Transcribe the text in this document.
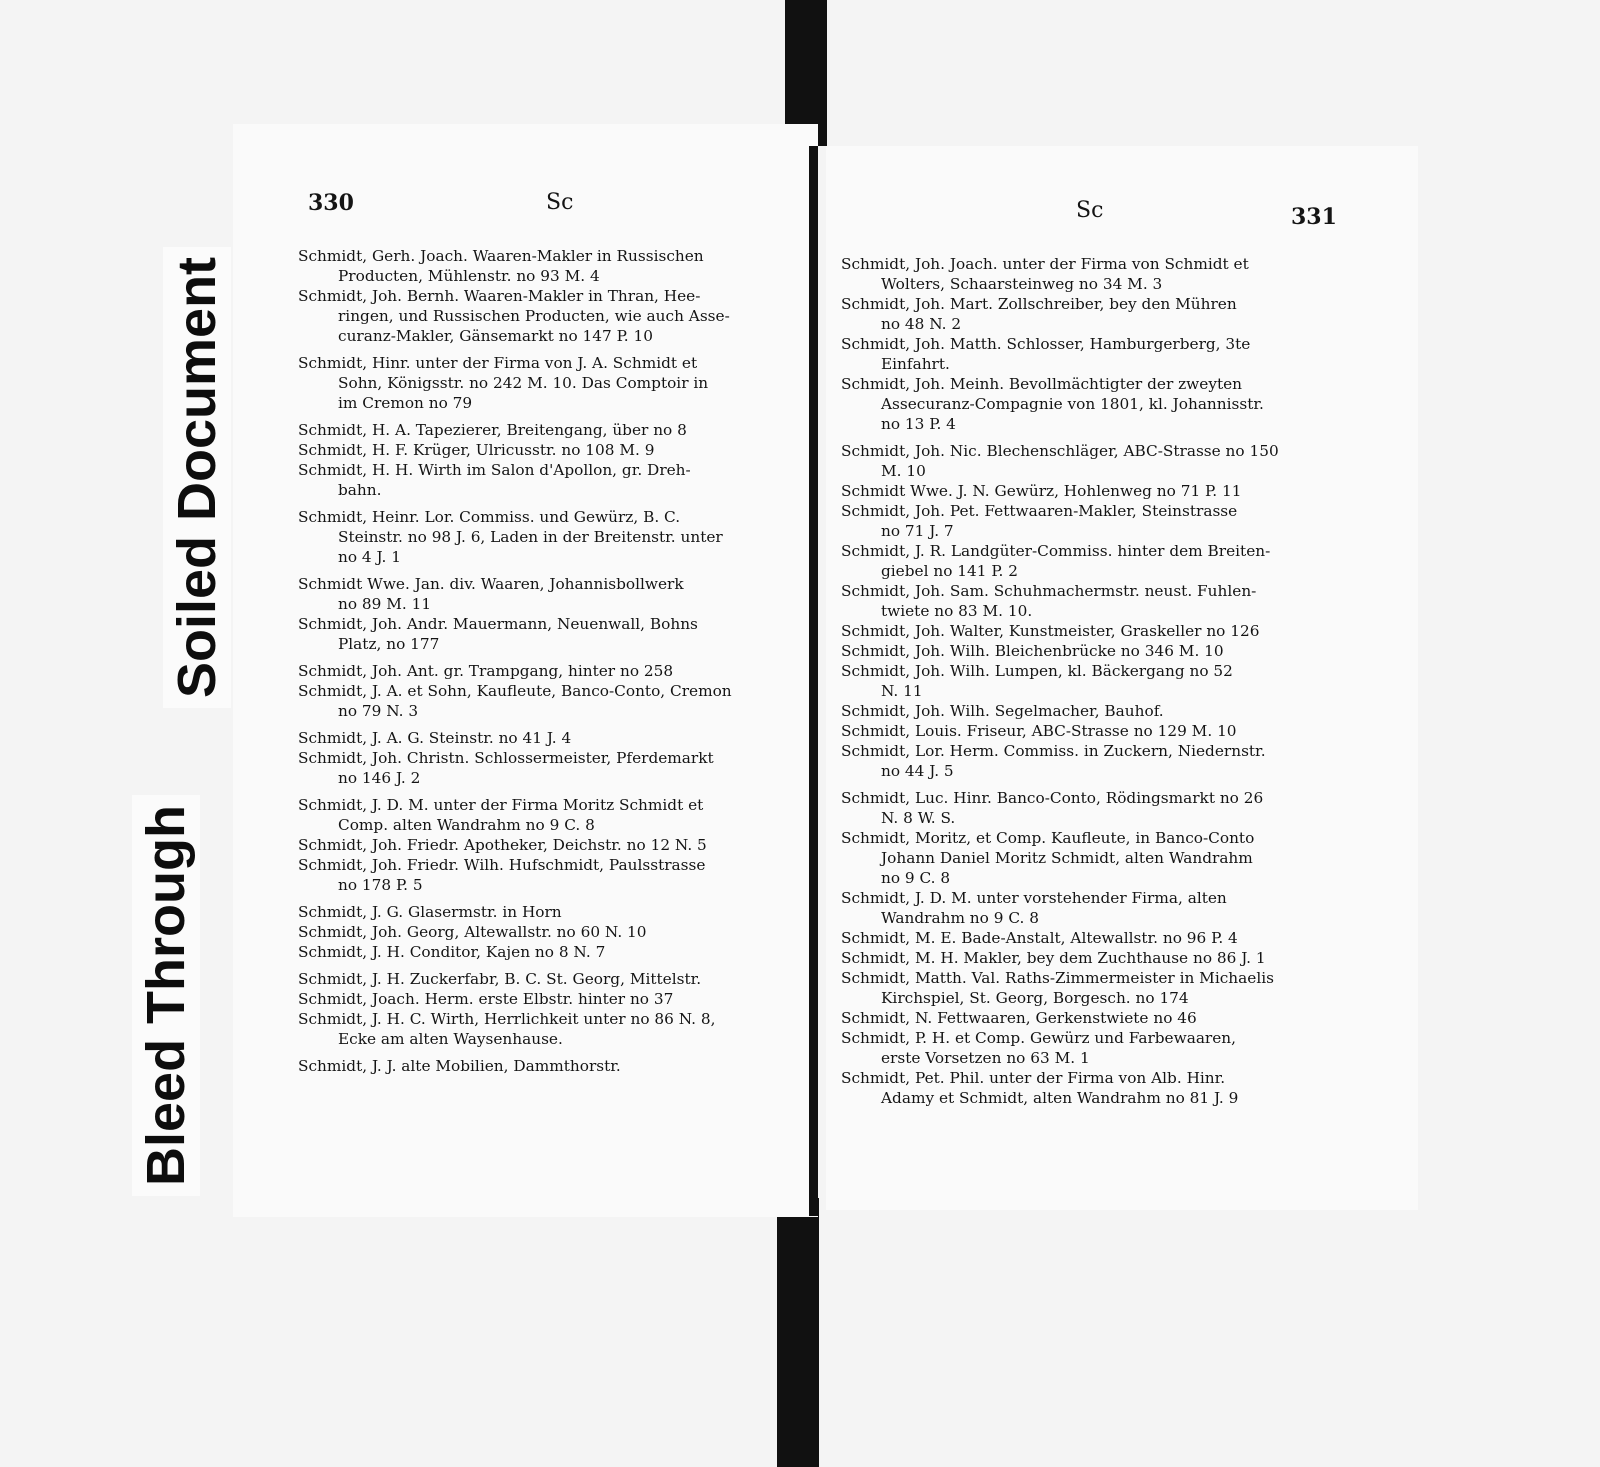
Bleed Through
Soiled Document
330	Sc
Schmidt, Gerh. Joach. Waaren-Makler in Russischen
Producten, Mühlenstr. no 93 M. 4
Schmidt, Joh. Bernh. Waaren-Makler in Thran, Hee-
ringen, und Russischen Producten, wie auch Asse-
curanz-Makler, Gänsemarkt no 147 P. 10
Schmidt, Hinr. unter der Firma von J. A. Schmidt et
Sohn, Königsstr. no 242 M. 10. Das Comptoir in
im Cremon no 79
Schmidt, H. A. Tapezierer, Breitengang, über no 8
Schmidt, H. F. Krüger, Ulricusstr. no 108 M. 9
Schmidt, H. H. Wirth im Salon d'Apollon, gr. Dreh-
bahn.
Schmidt, Heinr. Lor. Commiss. und Gewürz, B. C.
Steinstr. no 98 J. 6, Laden in der Breitenstr. unter
no 4 J. 1
Schmidt Wwe. Jan. div. Waaren, Johannisbollwerk
no 89 M. 11
Schmidt, Joh. Andr. Mauermann, Neuenwall, Bohns
Platz, no 177
Schmidt, Joh. Ant. gr. Trampgang, hinter no 258
Schmidt, J. A. et Sohn, Kaufleute, Banco-Conto, Cremon
no 79 N. 3
Schmidt, J. A. G. Steinstr. no 41 J. 4
Schmidt, Joh. Christn. Schlossermeister, Pferdemarkt
no 146 J. 2
Schmidt, J. D. M. unter der Firma Moritz Schmidt et
Comp. alten Wandrahm no 9 C. 8
Schmidt, Joh. Friedr. Apotheker, Deichstr. no 12 N. 5
Schmidt, Joh. Friedr. Wilh. Hufschmidt, Paulsstrasse
no 178 P. 5
Schmidt, J. G. Glasermstr. in Horn
Schmidt, Joh. Georg, Altewallstr. no 60 N. 10
Schmidt, J. H. Conditor, Kajen no 8 N. 7
Schmidt, J. H. Zuckerfabr, B. C. St. Georg, Mittelstr.
Schmidt, Joach. Herm. erste Elbstr. hinter no 37
Schmidt, J. H. C. Wirth, Herrlichkeit unter no 86 N. 8,
Ecke am alten Waysenhause.
Schmidt, J. J. alte Mobilien, Dammthorstr.
Sc	331
Schmidt, Joh. Joach. unter der Firma von Schmidt et
Wolters, Schaarsteinweg no 34 M. 3
Schmidt, Joh. Mart. Zollschreiber, bey den Mühren
no 48 N. 2
Schmidt, Joh. Matth. Schlosser, Hamburgerberg, 3te
Einfahrt.
Schmidt, Joh. Meinh. Bevollmächtigter der zweyten
Assecuranz-Compagnie von 1801, kl. Johannisstr.
no 13 P. 4
Schmidt, Joh. Nic. Blechenschläger, ABC-Strasse no 150
M. 10
Schmidt Wwe. J. N. Gewürz, Hohlenweg no 71 P. 11
Schmidt, Joh. Pet. Fettwaaren-Makler, Steinstrasse
no 71 J. 7
Schmidt, J. R. Landgüter-Commiss. hinter dem Breiten-
giebel no 141 P. 2
Schmidt, Joh. Sam. Schuhmachermstr. neust. Fuhlen-
twiete no 83 M. 10.
Schmidt, Joh. Walter, Kunstmeister, Graskeller no 126
Schmidt, Joh. Wilh. Bleichenbrücke no 346 M. 10
Schmidt, Joh. Wilh. Lumpen, kl. Bäckergang no 52
N. 11
Schmidt, Joh. Wilh. Segelmacher, Bauhof.
Schmidt, Louis. Friseur, ABC-Strasse no 129 M. 10
Schmidt, Lor. Herm. Commiss. in Zuckern, Niedernstr.
no 44 J. 5
Schmidt, Luc. Hinr. Banco-Conto, Rödingsmarkt no 26
N. 8 W. S.
Schmidt, Moritz, et Comp. Kaufleute, in Banco-Conto
Johann Daniel Moritz Schmidt, alten Wandrahm
no 9 C. 8
Schmidt, J. D. M. unter vorstehender Firma, alten
Wandrahm no 9 C. 8
Schmidt, M. E. Bade-Anstalt, Altewallstr. no 96 P. 4
Schmidt, M. H. Makler, bey dem Zuchthause no 86 J. 1
Schmidt, Matth. Val. Raths-Zimmermeister in Michaelis
Kirchspiel, St. Georg, Borgesch. no 174
Schmidt, N. Fettwaaren, Gerkenstwiete no 46
Schmidt, P. H. et Comp. Gewürz und Farbewaaren,
erste Vorsetzen no 63 M. 1
Schmidt, Pet. Phil. unter der Firma von Alb. Hinr.
Adamy et Schmidt, alten Wandrahm no 81 J. 9
